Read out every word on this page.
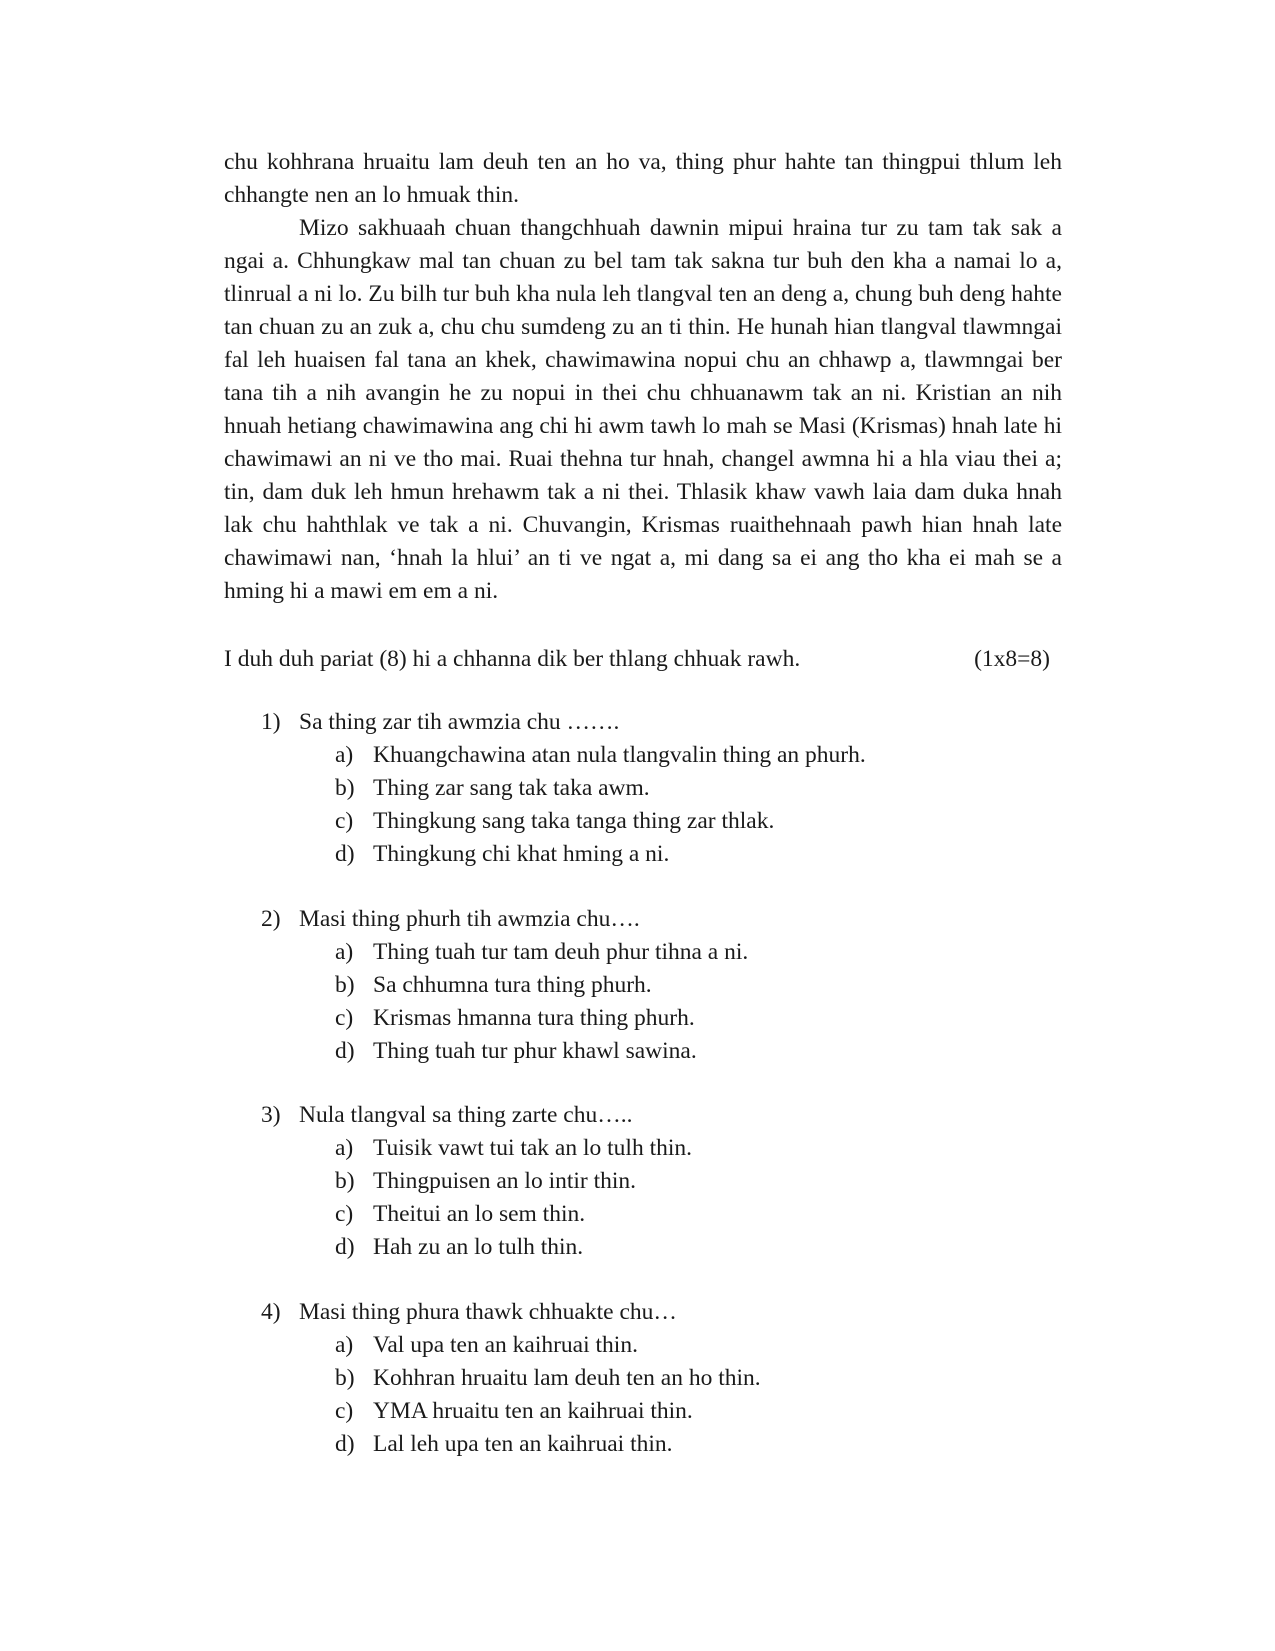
chu kohhrana hruaitu lam deuh ten an ho va, thing phur hahte tan thingpui thlum leh chhangte nen an lo hmuak thin.

Mizo sakhuaah chuan thangchhuah dawnin mipui hraina tur zu tam tak sak a ngai a. Chhungkaw mal tan chuan zu bel tam tak sakna tur buh den kha a namai lo a, tlinrual a ni lo. Zu bilh tur buh kha nula leh tlangval ten an deng a, chung buh deng hahte tan chuan zu an zuk a, chu chu sumdeng zu an ti thin. He hunah hian tlangval tlawmngai fal leh huaisen fal tana an khek, chawimawina nopui chu an chhawp a, tlawmngai ber tana tih a nih avangin he zu nopui in thei chu chhuanawm tak an ni. Kristian an nih hnuah hetiang chawimawina ang chi hi awm tawh lo mah se Masi (Krismas) hnah late hi chawimawi an ni ve tho mai. Ruai thehna tur hnah, changel awmna hi a hla viau thei a; tin, dam duk leh hmun hrehawm tak a ni thei. Thlasik khaw vawh laia dam duka hnah lak chu hahthlak ve tak a ni. Chuvangin, Krismas ruaithehnaah pawh hian hnah late chawimawi nan, ‘hnah la hlui’ an ti ve ngat a, mi dang sa ei ang tho kha ei mah se a hming hi a mawi em em a ni.

I duh duh pariat (8) hi a chhanna dik ber thlang chhuak rawh.	(1x8=8)
1) Sa thing zar tih awmzia chu …….
a) Khuangchawina atan nula tlangvalin thing an phurh.
b) Thing zar sang tak taka awm.
c) Thingkung sang taka tanga thing zar thlak.
d) Thingkung chi khat hming a ni.
2) Masi thing phurh tih awmzia chu….
a) Thing tuah tur tam deuh phur tihna a ni.
b) Sa chhumna tura thing phurh.
c) Krismas hmanna tura thing phurh.
d) Thing tuah tur phur khawl sawina.
3) Nula tlangval sa thing zarte chu…..
a) Tuisik vawt tui tak an lo tulh thin.
b) Thingpuisen an lo intir thin.
c) Theitui an lo sem thin.
d) Hah zu an lo tulh thin.
4) Masi thing phura thawk chhuakte chu…
a) Val upa ten an kaihruai thin.
b) Kohhran hruaitu lam deuh ten an ho thin.
c) YMA hruaitu ten an kaihruai thin.
d) Lal leh upa ten an kaihruai thin.
